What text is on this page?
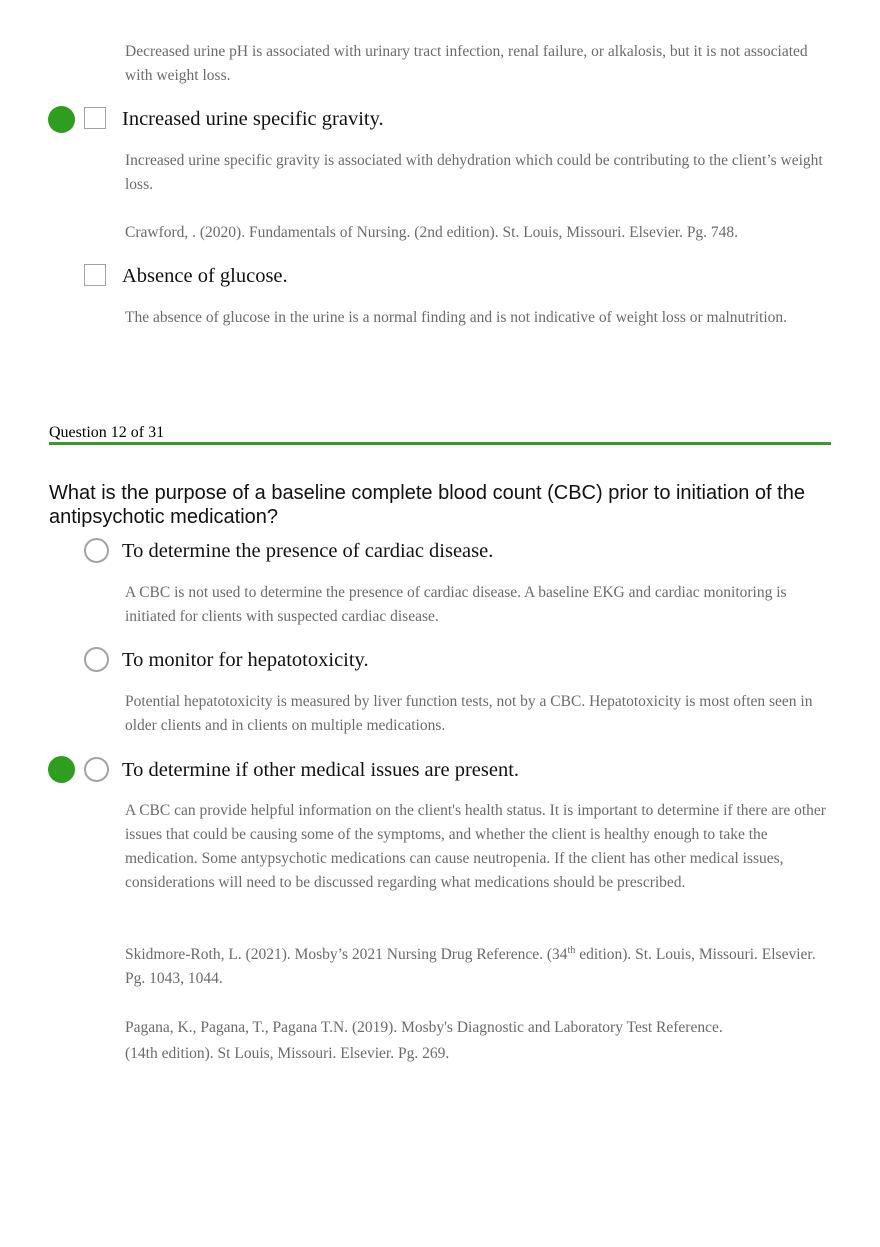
Decreased urine pH is associated with urinary tract infection, renal failure, or alkalosis, but it is not associated with weight loss.
Increased urine specific gravity.
Increased urine specific gravity is associated with dehydration which could be contributing to the client’s weight loss.
Crawford, . (2020). Fundamentals of Nursing. (2nd edition). St. Louis, Missouri. Elsevier. Pg. 748.
Absence of glucose.
The absence of glucose in the urine is a normal finding and is not indicative of weight loss or malnutrition.
Question 12 of 31
What is the purpose of a baseline complete blood count (CBC) prior to initiation of the antipsychotic medication?
To determine the presence of cardiac disease.
A CBC is not used to determine the presence of cardiac disease. A baseline EKG and cardiac monitoring is initiated for clients with suspected cardiac disease.
To monitor for hepatotoxicity.
Potential hepatotoxicity is measured by liver function tests, not by a CBC. Hepatotoxicity is most often seen in older clients and in clients on multiple medications.
To determine if other medical issues are present.
A CBC can provide helpful information on the client's health status. It is important to determine if there are other issues that could be causing some of the symptoms, and whether the client is healthy enough to take the medication. Some antypsychotic medications can cause neutropenia. If the client has other medical issues, considerations will need to be discussed regarding what medications should be prescribed.
Skidmore-Roth, L. (2021). Mosby’s 2021 Nursing Drug Reference. (34th edition). St. Louis, Missouri. Elsevier. Pg. 1043, 1044.
Pagana, K., Pagana, T., Pagana T.N. (2019). Mosby's Diagnostic and Laboratory Test Reference. (14th edition). St Louis, Missouri. Elsevier. Pg. 269.
